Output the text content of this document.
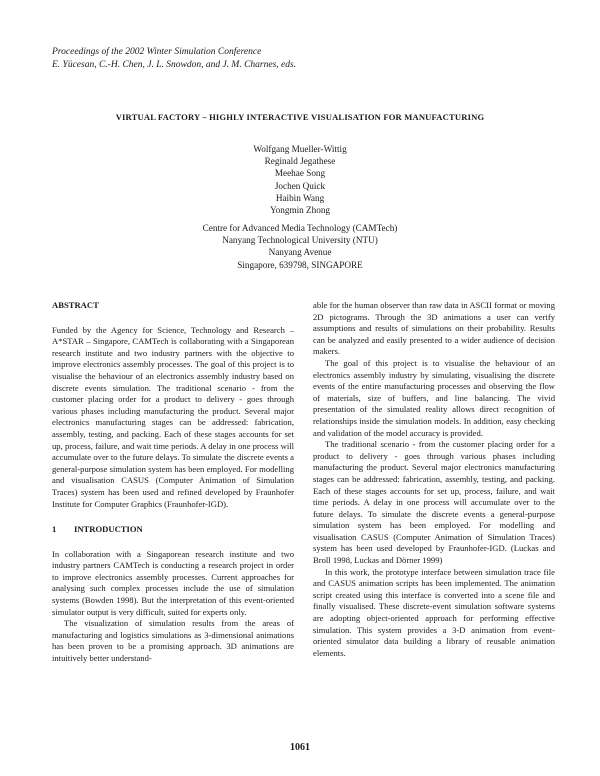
Proceedings of the 2002 Winter Simulation Conference
E. Yücesan, C.-H. Chen, J. L. Snowdon, and J. M. Charnes, eds.
VIRTUAL FACTORY – HIGHLY INTERACTIVE VISUALISATION FOR MANUFACTURING
Wolfgang Mueller-Wittig
Reginald Jegathese
Meehae Song
Jochen Quick
Haibin Wang
Yongmin Zhong
Centre for Advanced Media Technology (CAMTech)
Nanyang Technological University (NTU)
Nanyang Avenue
Singapore, 639798, SINGAPORE
ABSTRACT

Funded by the Agency for Science, Technology and Research – A*STAR – Singapore, CAMTech is collaborating with a Singaporean research institute and two industry partners with the objective to improve electronics assembly processes. The goal of this project is to visualise the behaviour of an electronics assembly industry based on discrete events simulation. The traditional scenario - from the customer placing order for a product to delivery - goes through various phases including manufacturing the product. Several major electronics manufacturing stages can be addressed: fabrication, assembly, testing, and packing. Each of these stages accounts for set up, process, failure, and wait time periods. A delay in one process will accumulate over to the future delays. To simulate the discrete events a general-purpose simulation system has been employed. For modelling and visualisation CASUS (Computer Animation of Simulation Traces) system has been used and refined developed by Fraunhofer Institute for Computer Graphics (Fraunhofer-IGD).

1 INTRODUCTION

In collaboration with a Singaporean research institute and two industry partners CAMTech is conducting a research project in order to improve electronics assembly processes. Current approaches for analysing such complex processes include the use of simulation systems (Bowden 1998). But the interpretation of this event-oriented simulator output is very difficult, suited for experts only.

The visualization of simulation results from the areas of manufacturing and logistics simulations as 3-dimensional animations has been proven to be a promising approach. 3D animations are intuitively better understand-

able for the human observer than raw data in ASCII format or moving 2D pictograms. Through the 3D animations a user can verify assumptions and results of simulations on their probability. Results can be analyzed and easily presented to a wider audience of decision makers.

The goal of this project is to visualise the behaviour of an electronics assembly industry by simulating, visualising the discrete events of the entire manufacturing processes and observing the flow of materials, size of buffers, and line balancing. The vivid presentation of the simulated reality allows direct recognition of relationships inside the simulation models. In addition, easy checking and validation of the model accuracy is provided.

The traditional scenario - from the customer placing order for a product to delivery - goes through various phases including manufacturing the product. Several major electronics manufacturing stages can be addressed: fabrication, assembly, testing, and packing. Each of these stages accounts for set up, process, failure, and wait time periods. A delay in one process will accumulate over to the future delays. To simulate the discrete events a general-purpose simulation system has been employed. For modelling and visualisation CASUS (Computer Animation of Simulation Traces) system has been used developed by Fraunhofer-IGD. (Luckas and Broll 1998, Luckas and Dörner 1999)

In this work, the prototype interface between simulation trace file and CASUS animation scripts has been implemented. The animation script created using this interface is converted into a scene file and finally visualised. These discrete-event simulation software systems are adopting object-oriented approach for performing effective simulation. This system provides a 3-D animation from event-oriented simulator data building a library of reusable animation elements.

1061
